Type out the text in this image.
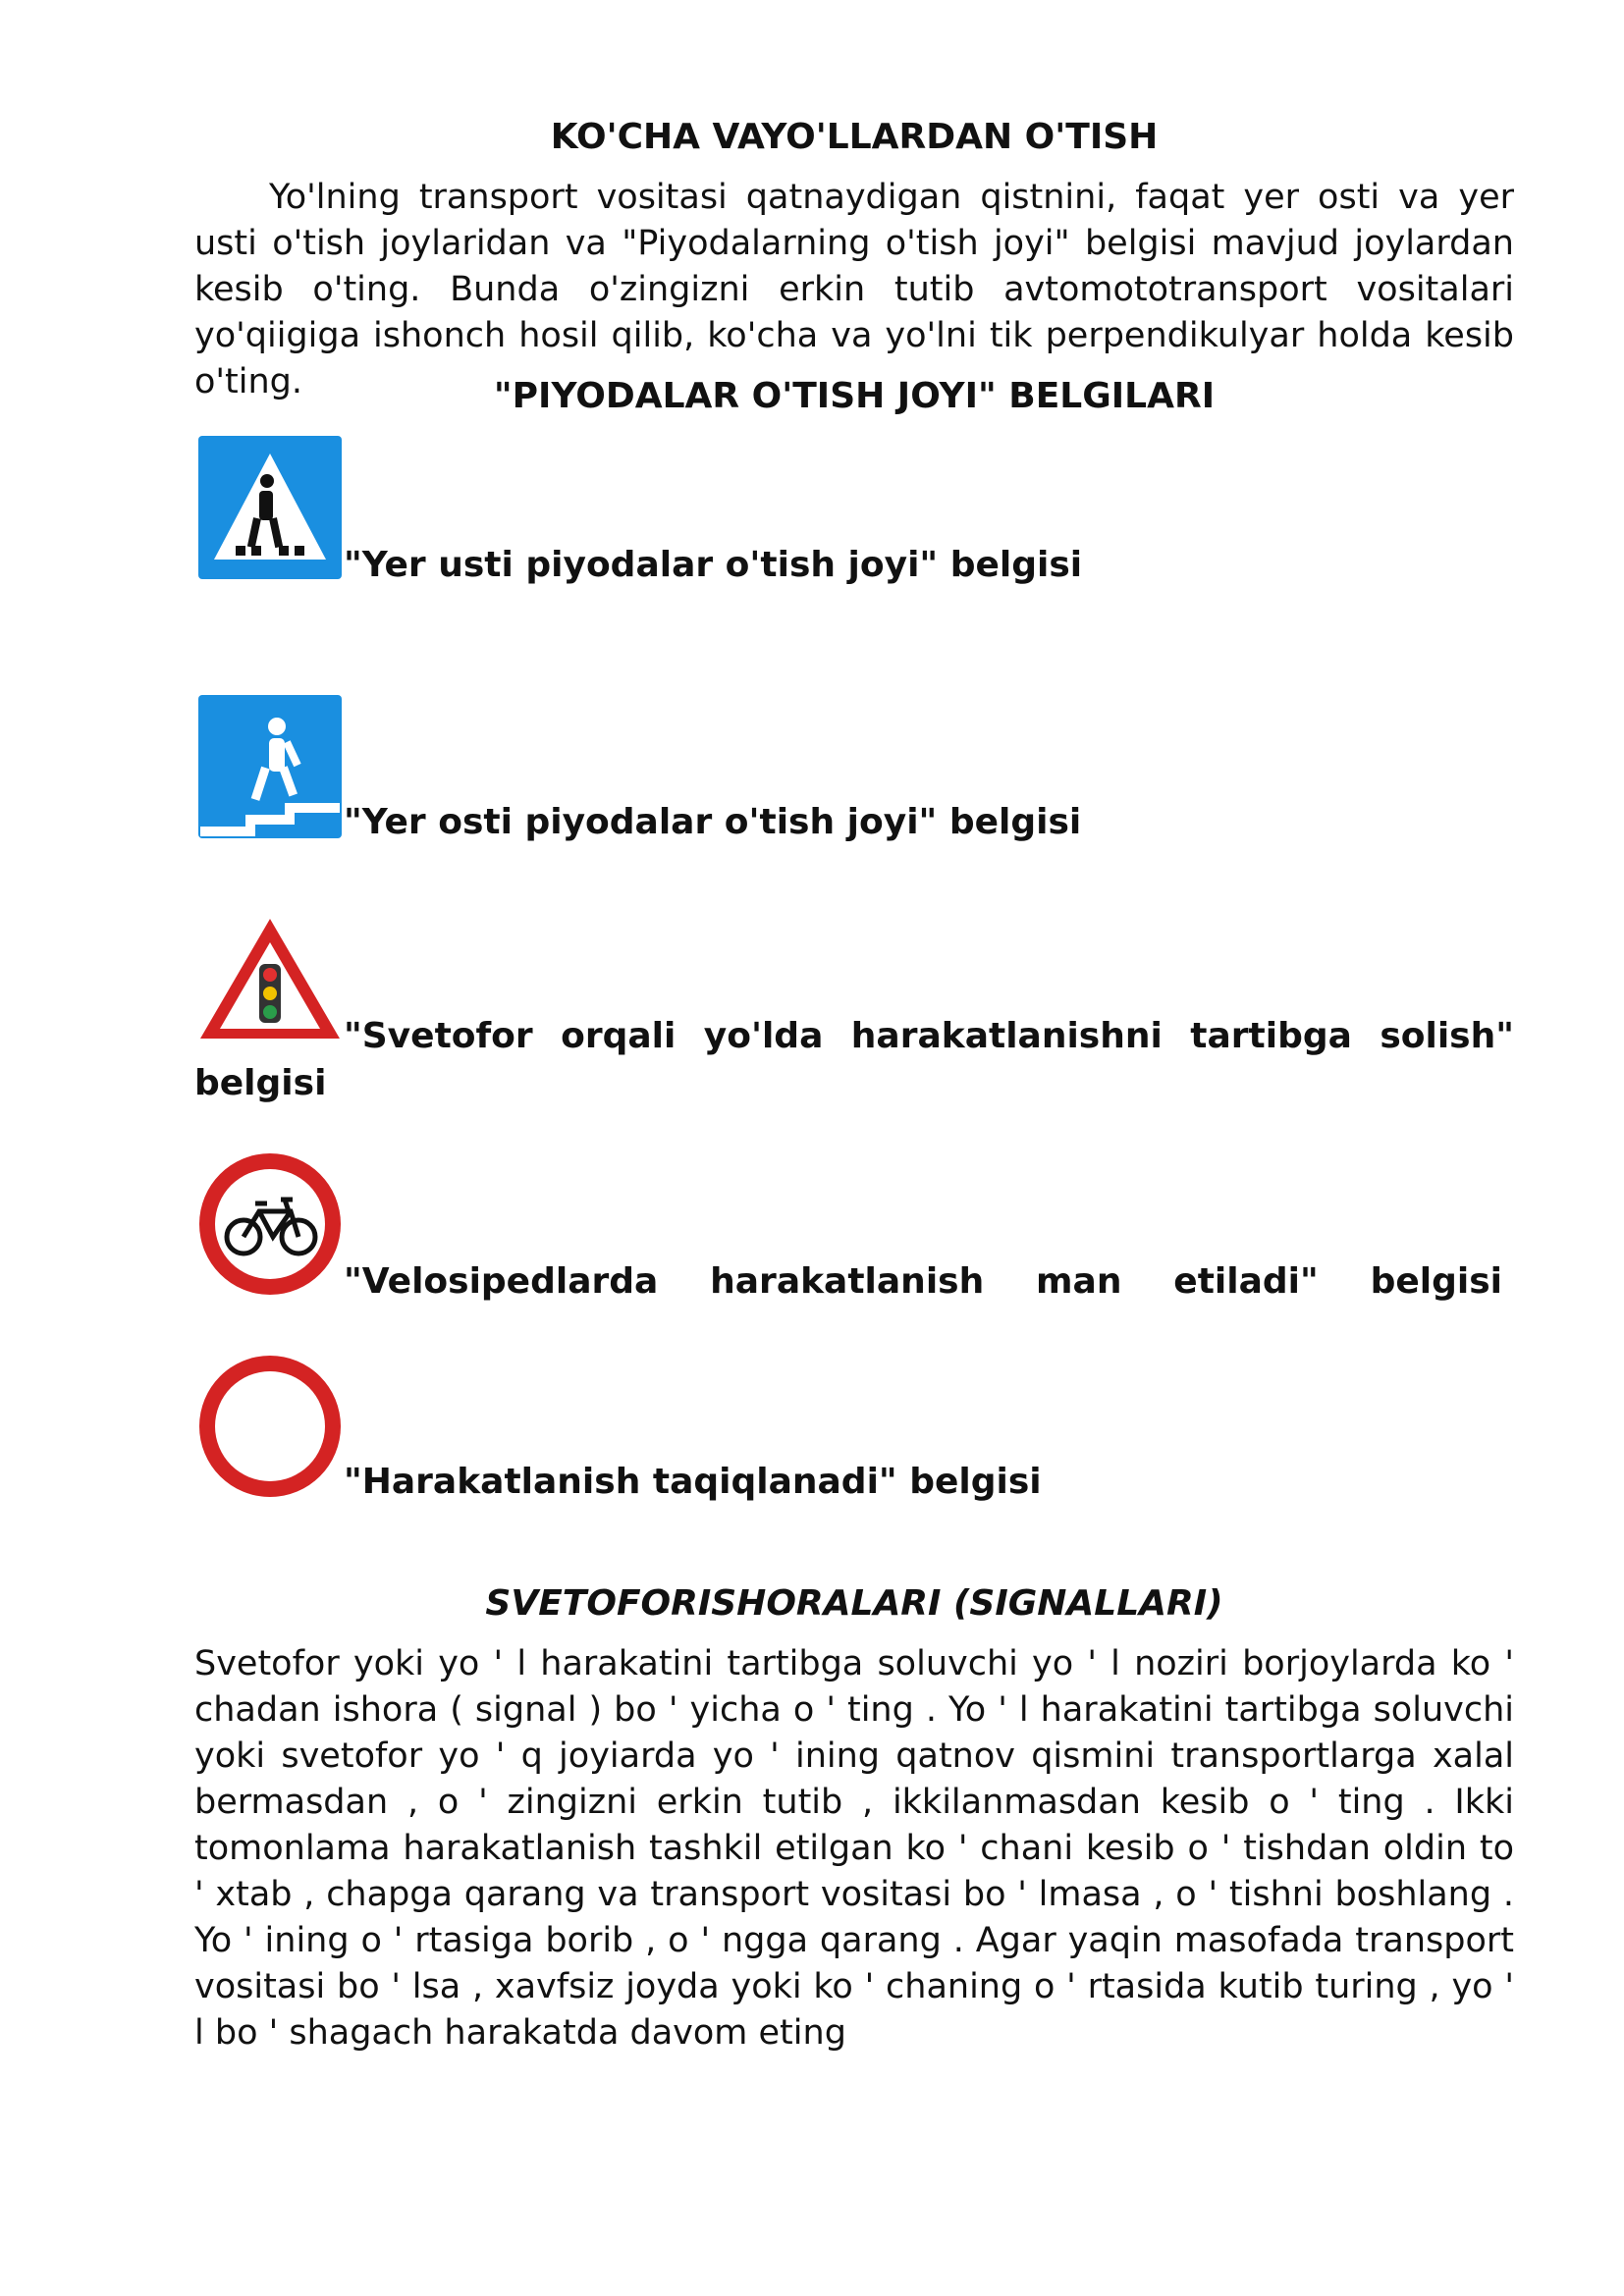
KO'CHA VAYO'LLARDAN O'TISH

Yo'lning transport vositasi qatnaydigan qistnini, faqat yer osti va yer usti o'tish joylaridan va "Piyodalarning o'tish joyi" belgisi mavjud joylardan kesib o'ting. Bunda o'zingizni erkin tutib avtomototransport vositalari yo'qiigiga ishonch hosil qilib, ko'cha va yo'lni tik perpendikulyar holda kesib o'ting.	"PIYODALAR O'TISH JOYI" BELGILARI

"Yer usti piyodalar o'tish joyi" belgisi

"Yer osti piyodalar o'tish joyi" belgisi

"Svetofor orqali yo'lda harakatlanishni tartibga solish"

belgisi

"Velosipedlarda harakatlanish man etiladi" belgisi

"Harakatlanish taqiqlanadi" belgisi

SVETOFORISHORALARI (SIGNALLARI)

Svetofor yoki yo ' l harakatini tartibga soluvchi yo ' l noziri borjoylarda ko ' chadan ishora ( signal ) bo ' yicha o ' ting . Yo ' l harakatini tartibga soluvchi yoki svetofor yo ' q joyiarda yo ' ining qatnov qismini transportlarga xalal bermasdan , o ' zingizni erkin tutib , ikkilanmasdan kesib o ' ting . Ikki tomonlama harakatlanish tashkil etilgan ko ' chani kesib o ' tishdan oldin to ' xtab , chapga qarang va transport vositasi bo ' lmasa , o ' tishni boshlang . Yo ' ining o ' rtasiga borib , o ' ngga qarang . Agar yaqin masofada transport vositasi bo ' lsa , xavfsiz joyda yoki ko ' chaning o ' rtasida kutib turing , yo ' l bo ' shagach harakatda davom eting
